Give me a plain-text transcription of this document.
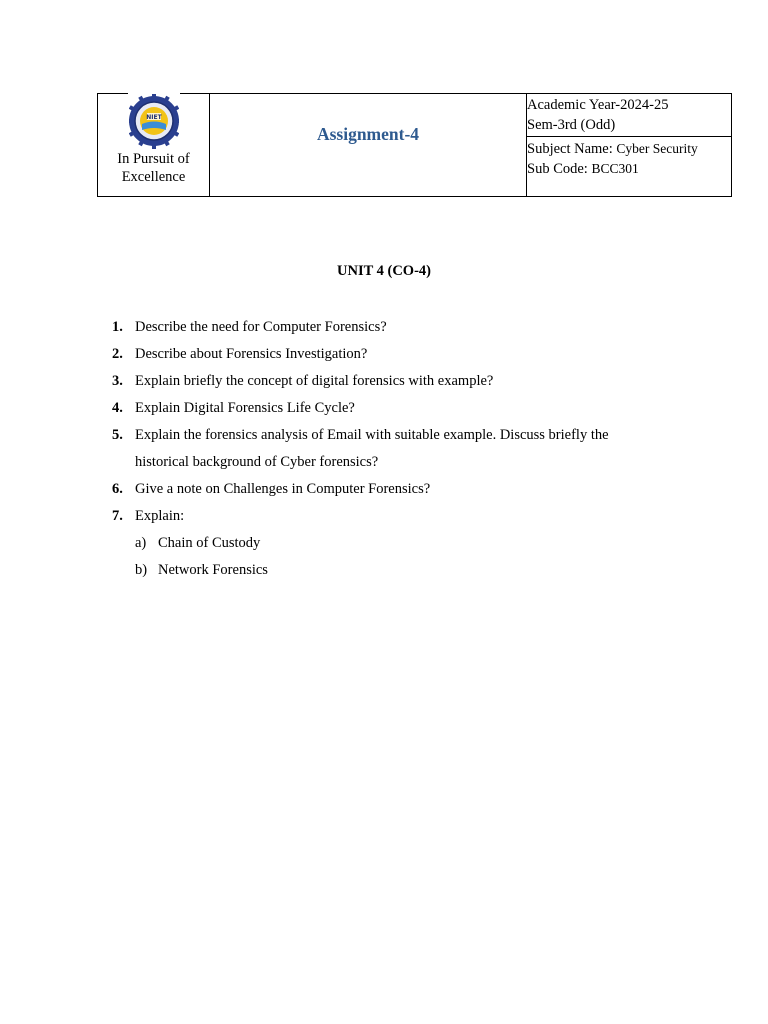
NIET
In Pursuit of
Excellence
Assignment-4
Academic Year-2024-25
Sem-3rd (Odd)
Subject Name: Cyber Security
Sub Code: BCC301
UNIT 4 (CO-4)
1. Describe the need for Computer Forensics?
2. Describe about Forensics Investigation?
3. Explain briefly the concept of digital forensics with example?
4. Explain Digital Forensics Life Cycle?
5. Explain the forensics analysis of Email with suitable example. Discuss briefly the
historical background of Cyber forensics?
6. Give a note on Challenges in Computer Forensics?
7. Explain:
a) Chain of Custody
b) Network Forensics
